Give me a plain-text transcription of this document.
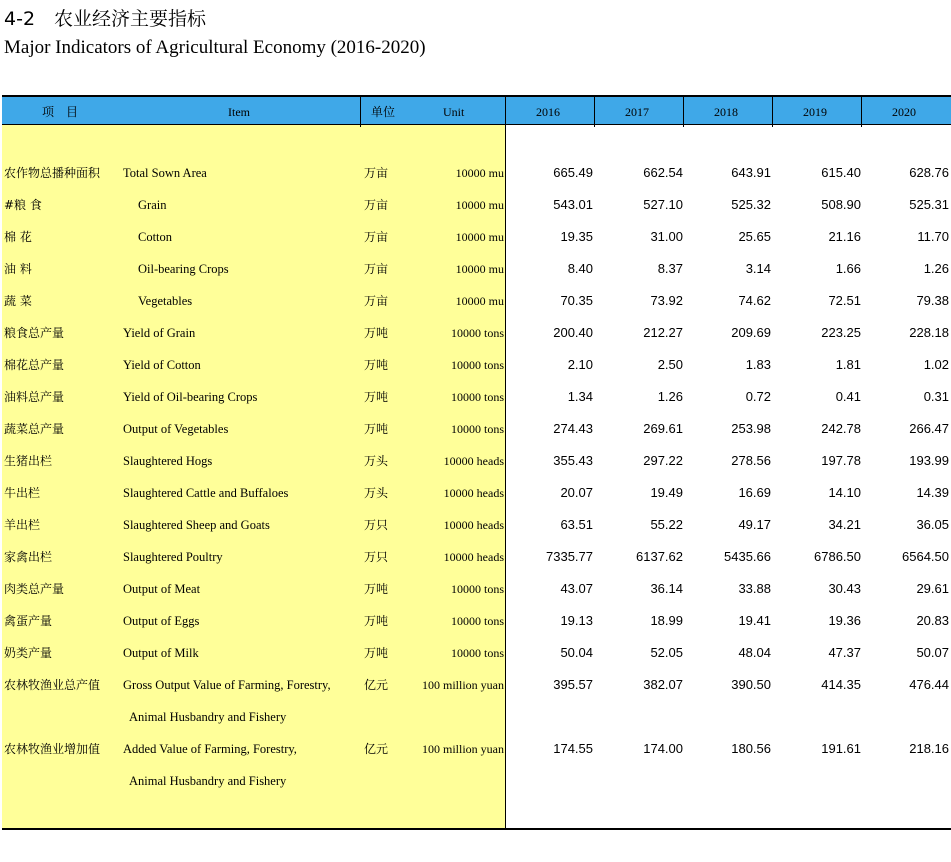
4-2　农业经济主要指标
Major Indicators of Agricultural Economy (2016-2020)
项　目	Item	单位	Unit	2016	2017	2018	2019	2020
农作物总播种面积 Total Sown Area	万亩	10000 mu	665.49	662.54	643.91	615.40	628.76
#粮 食	Grain	万亩	10000 mu	543.01	527.10	525.32	508.90	525.31
棉 花	Cotton	万亩	10000 mu	19.35	31.00	25.65	21.16	11.70
油 料	Oil-bearing Crops	万亩	10000 mu	8.40	8.37	3.14	1.66	1.26
蔬 菜	Vegetables	万亩	10000 mu	70.35	73.92	74.62	72.51	79.38
粮食总产量	Yield of Grain	万吨	10000 tons	200.40	212.27	209.69	223.25	228.18
棉花总产量	Yield of Cotton	万吨	10000 tons	2.10	2.50	1.83	1.81	1.02
油料总产量	Yield of Oil-bearing Crops	万吨	10000 tons	1.34	1.26	0.72	0.41	0.31
蔬菜总产量	Output of Vegetables	万吨	10000 tons	274.43	269.61	253.98	242.78	266.47
生猪出栏	Slaughtered Hogs	万头	10000 heads	355.43	297.22	278.56	197.78	193.99
牛出栏	Slaughtered Cattle and Buffaloes	万头	10000 heads	20.07	19.49	16.69	14.10	14.39
羊出栏	Slaughtered Sheep and Goats	万只	10000 heads	63.51	55.22	49.17	34.21	36.05
家禽出栏	Slaughtered Poultry	万只	10000 heads	7335.77	6137.62	5435.66	6786.50	6564.50
肉类总产量	Output of Meat	万吨	10000 tons	43.07	36.14	33.88	30.43	29.61
禽蛋产量	Output of Eggs	万吨	10000 tons	19.13	18.99	19.41	19.36	20.83
奶类产量	Output of Milk	万吨	10000 tons	50.04	52.05	48.04	47.37	50.07
农林牧渔业总产值 Gross Output Value of Farming, Forestry,	亿元	100 million yuan	395.57	382.07	390.50	414.35	476.44
Animal Husbandry and Fishery
农林牧渔业增加值 Added Value of Farming, Forestry,	亿元	100 million yuan	174.55	174.00	180.56	191.61	218.16
Animal Husbandry and Fishery
